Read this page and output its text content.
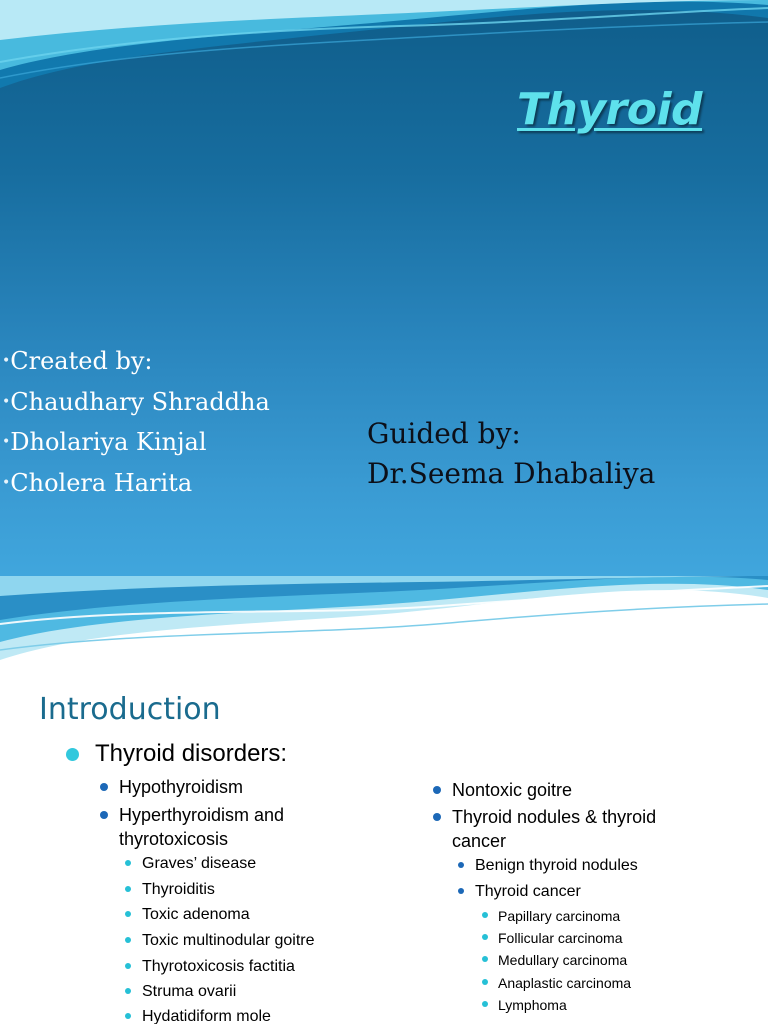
Thyroid
• Created by:
• Chaudhary Shraddha
• Dholariya Kinjal
• Cholera Harita
Guided by:
Dr.Seema Dhabaliya
Introduction
Thyroid disorders:
Hypothyroidism
Hyperthyroidism and
thyrotoxicosis
Graves’ disease
Thyroiditis
Toxic adenoma
Toxic multinodular goitre
Thyrotoxicosis factitia
Struma ovarii
Hydatidiform mole
Nontoxic goitre
Thyroid nodules & thyroid
cancer
Benign thyroid nodules
Thyroid cancer
Papillary carcinoma
Follicular carcinoma
Medullary carcinoma
Anaplastic carcinoma
Lymphoma
